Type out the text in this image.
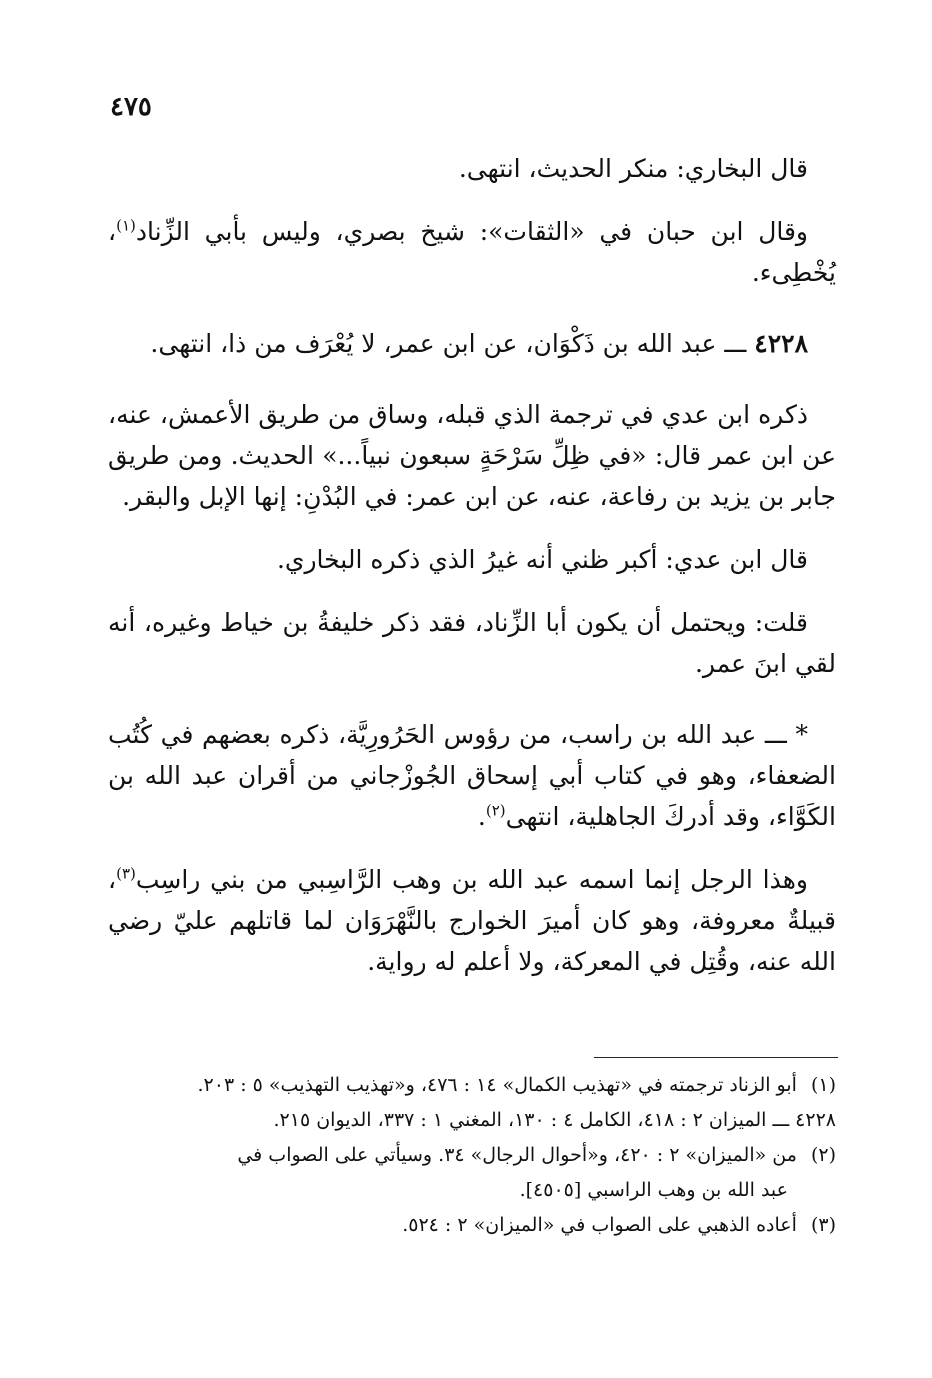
٤٧٥

قال البخاري: منكر الحديث، انتهى.

وقال ابن حبان في «الثقات»: شيخ بصري، وليس بأبي الزِّناد$^{(١)}$، يُخْطِىء.

٤٢٢٨ ـــ عبد الله بن ذَكْوَان، عن ابن عمر، لا يُعْرَف من ذا، انتهى.

ذكره ابن عدي في ترجمة الذي قبله، وساق من طريق الأعمش، عنه، عن ابن عمر قال: «في ظِلِّ سَرْحَةٍ سبعون نبياً...» الحديث. ومن طريق جابر بن يزيد بن رفاعة، عنه، عن ابن عمر: في البُدْنِ: إنها الإبل والبقر.

قال ابن عدي: أكبر ظني أنه غيرُ الذي ذكره البخاري.

قلت: ويحتمل أن يكون أبا الزِّناد، فقد ذكر خليفةُ بن خياط وغيره، أنه لقي ابنَ عمر.

* ـــ عبد الله بن راسب، من رؤوس الحَرُورِيَّة، ذكره بعضهم في كُتُب الضعفاء، وهو في كتاب أبي إسحاق الجُوزْجاني من أقران عبد الله بن الكَوَّاء، وقد أدركَ الجاهلية، انتهى$^{(٢)}$.

وهذا الرجل إنما اسمه عبد الله بن وهب الرَّاسِبي من بني راسِب$^{(٣)}$، قبيلةٌ معروفة، وهو كان أميرَ الخوارج بالنَّهْرَوَان لما قاتلهم عليّ رضي الله عنه، وقُتِل في المعركة، ولا أعلم له رواية.

(١)أبو الزناد ترجمته في «تهذيب الكمال» ١٤ : ٤٧٦، و«تهذيب التهذيب» ٥ : ٢٠٣.

٤٢٢٨ـــ الميزان ٢ : ٤١٨، الكامل ٤ : ١٣٠، المغني ١ : ٣٣٧، الديوان ٢١٥.

(٢)من «الميزان» ٢ : ٤٢٠، و«أحوال الرجال» ٣٤. وسيأتي على الصواب في

عبد الله بن وهب الراسبي [٤٥٠٥].

(٣)أعاده الذهبي على الصواب في «الميزان» ٢ : ٥٢٤.
